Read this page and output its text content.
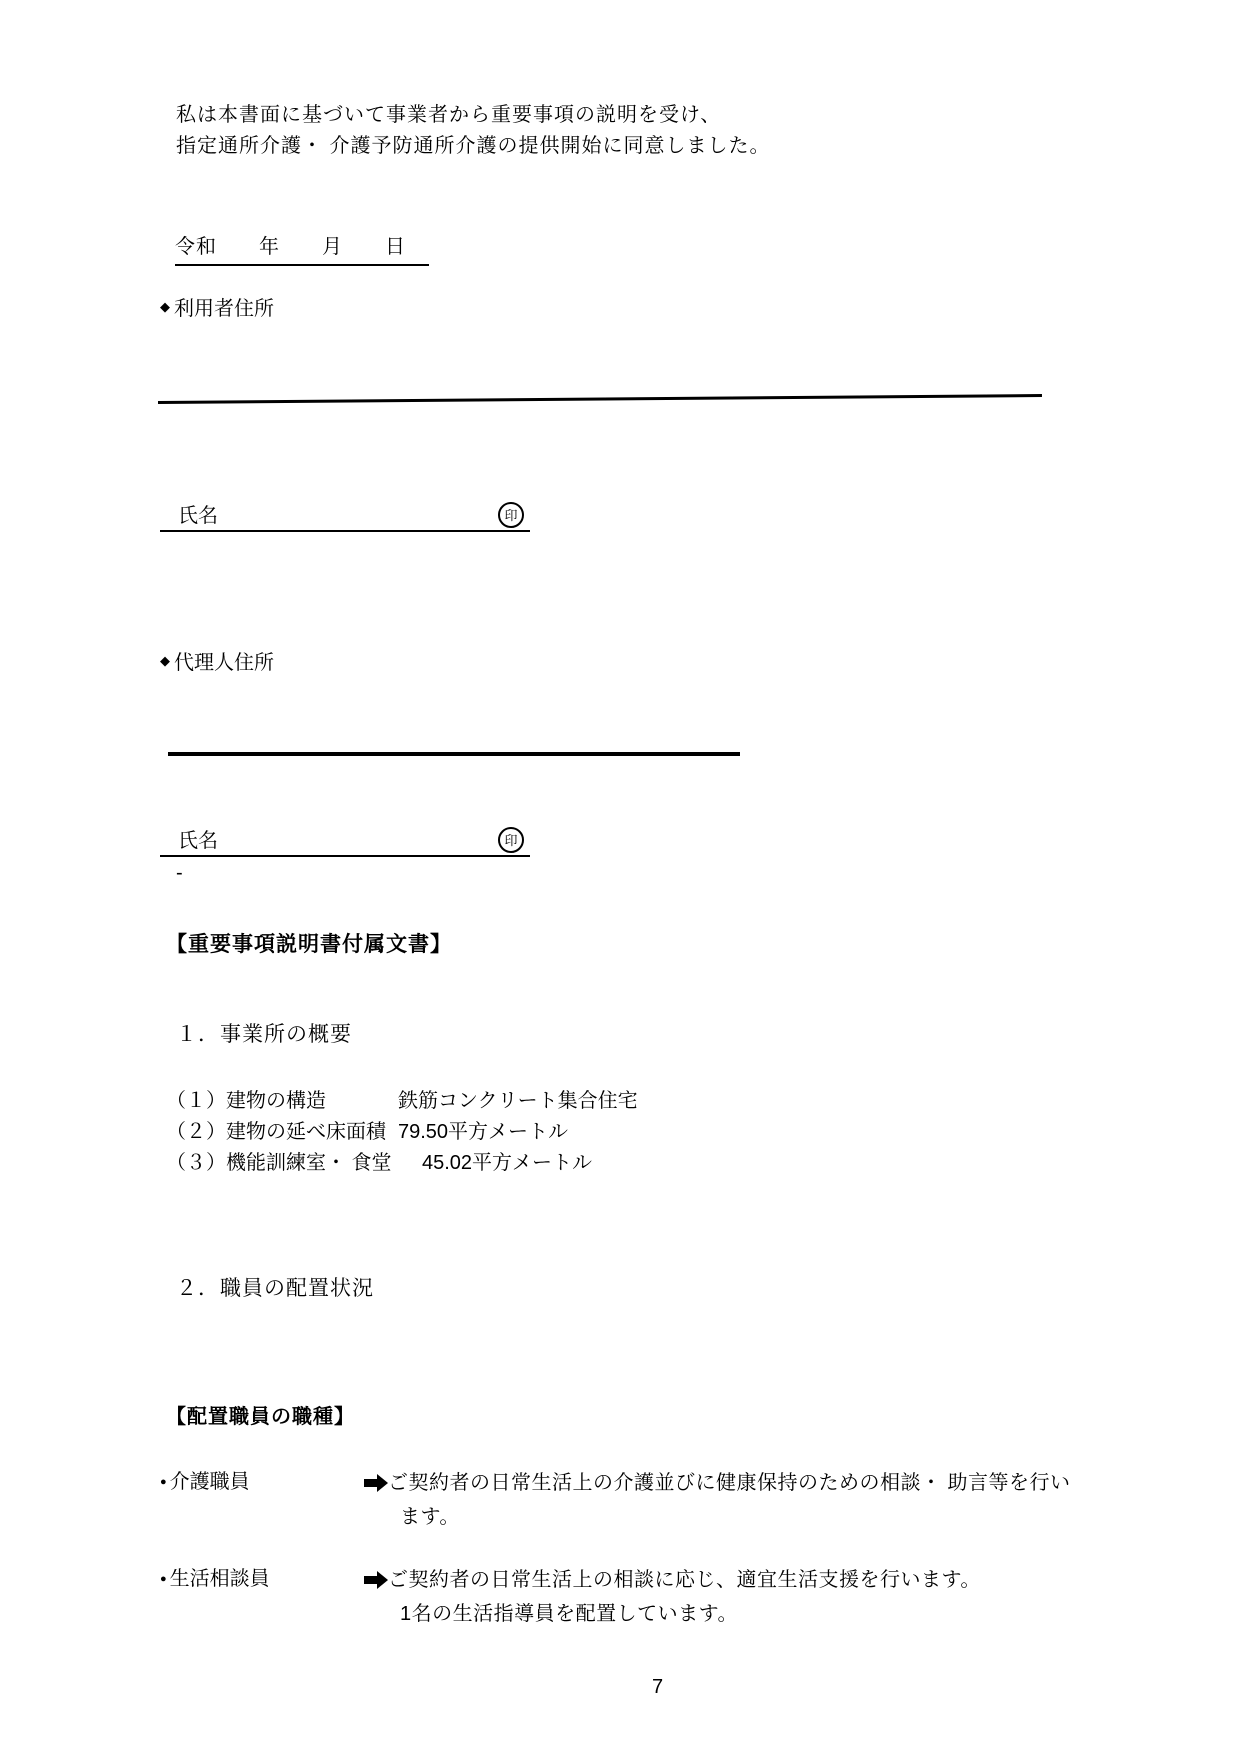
私は本書面に基づいて事業者から重要事項の説明を受け、
指定通所介護・ 介護予防通所介護の提供開始に同意しました。
令和　　年　　月　　日
◆ 利用者住所
氏名	印
◆ 代理人住所
氏名	印
-
【重要事項説明書付属文書】
１．事業所の概要
（１）建物の構造	鉄筋コンクリート集合住宅
（２）建物の延べ床面積 79.50平方メートル
（３）機能訓練室・ 食堂	45.02平方メートル
２．職員の配置状況
【配置職員の職種】
● 介護職員	ご契約者の日常生活上の介護並びに健康保持のための相談・ 助言等を行い
ます。
● 生活相談員	ご契約者の日常生活上の相談に応じ、適宜生活支援を行います。
1名の生活指導員を配置しています。
7
